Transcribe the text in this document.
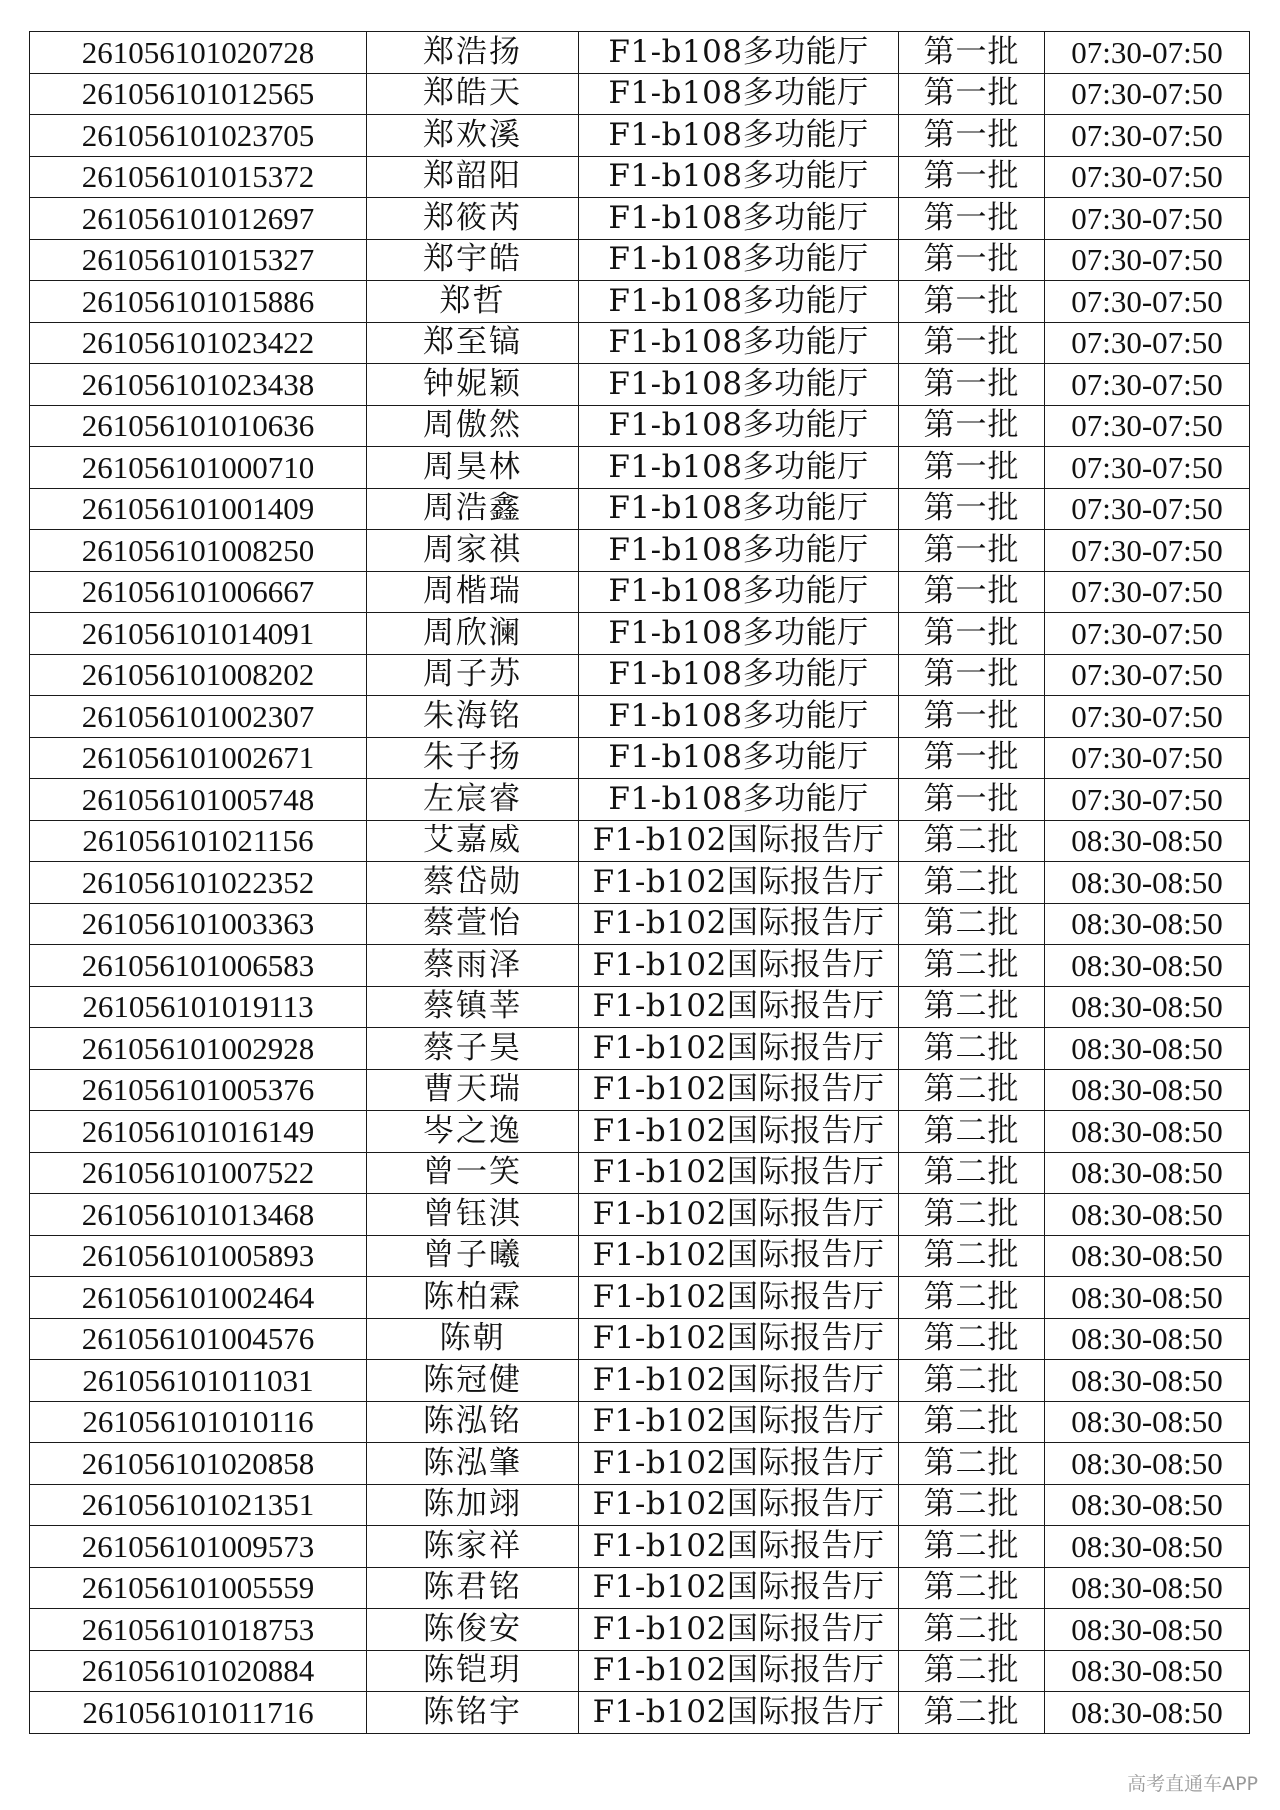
261056101020728	郑浩扬	F1-b108多功能厅	第一批	07:30-07:50
261056101012565	郑皓天	F1-b108多功能厅	第一批	07:30-07:50
261056101023705	郑欢溪	F1-b108多功能厅	第一批	07:30-07:50
261056101015372	郑韶阳	F1-b108多功能厅	第一批	07:30-07:50
261056101012697	郑筱芮	F1-b108多功能厅	第一批	07:30-07:50
261056101015327	郑宇皓	F1-b108多功能厅	第一批	07:30-07:50
261056101015886	郑哲	F1-b108多功能厅	第一批	07:30-07:50
261056101023422	郑至镐	F1-b108多功能厅	第一批	07:30-07:50
261056101023438	钟妮颖	F1-b108多功能厅	第一批	07:30-07:50
261056101010636	周傲然	F1-b108多功能厅	第一批	07:30-07:50
261056101000710	周昊林	F1-b108多功能厅	第一批	07:30-07:50
261056101001409	周浩鑫	F1-b108多功能厅	第一批	07:30-07:50
261056101008250	周家祺	F1-b108多功能厅	第一批	07:30-07:50
261056101006667	周楷瑞	F1-b108多功能厅	第一批	07:30-07:50
261056101014091	周欣澜	F1-b108多功能厅	第一批	07:30-07:50
261056101008202	周子苏	F1-b108多功能厅	第一批	07:30-07:50
261056101002307	朱海铭	F1-b108多功能厅	第一批	07:30-07:50
261056101002671	朱子扬	F1-b108多功能厅	第一批	07:30-07:50
261056101005748	左宸睿	F1-b108多功能厅	第一批	07:30-07:50
261056101021156	艾嘉威	F1-b102国际报告厅	第二批	08:30-08:50
261056101022352	蔡岱勋	F1-b102国际报告厅	第二批	08:30-08:50
261056101003363	蔡萱怡	F1-b102国际报告厅	第二批	08:30-08:50
261056101006583	蔡雨泽	F1-b102国际报告厅	第二批	08:30-08:50
261056101019113	蔡镇莘	F1-b102国际报告厅	第二批	08:30-08:50
261056101002928	蔡子昊	F1-b102国际报告厅	第二批	08:30-08:50
261056101005376	曹天瑞	F1-b102国际报告厅	第二批	08:30-08:50
261056101016149	岑之逸	F1-b102国际报告厅	第二批	08:30-08:50
261056101007522	曾一笑	F1-b102国际报告厅	第二批	08:30-08:50
261056101013468	曾钰淇	F1-b102国际报告厅	第二批	08:30-08:50
261056101005893	曾子曦	F1-b102国际报告厅	第二批	08:30-08:50
261056101002464	陈柏霖	F1-b102国际报告厅	第二批	08:30-08:50
261056101004576	陈朝	F1-b102国际报告厅	第二批	08:30-08:50
261056101011031	陈冠健	F1-b102国际报告厅	第二批	08:30-08:50
261056101010116	陈泓铭	F1-b102国际报告厅	第二批	08:30-08:50
261056101020858	陈泓肇	F1-b102国际报告厅	第二批	08:30-08:50
261056101021351	陈加翊	F1-b102国际报告厅	第二批	08:30-08:50
261056101009573	陈家祥	F1-b102国际报告厅	第二批	08:30-08:50
261056101005559	陈君铭	F1-b102国际报告厅	第二批	08:30-08:50
261056101018753	陈俊安	F1-b102国际报告厅	第二批	08:30-08:50
261056101020884	陈铠玥	F1-b102国际报告厅	第二批	08:30-08:50
261056101011716	陈铭宇	F1-b102国际报告厅	第二批	08:30-08:50
高考直通车APP
